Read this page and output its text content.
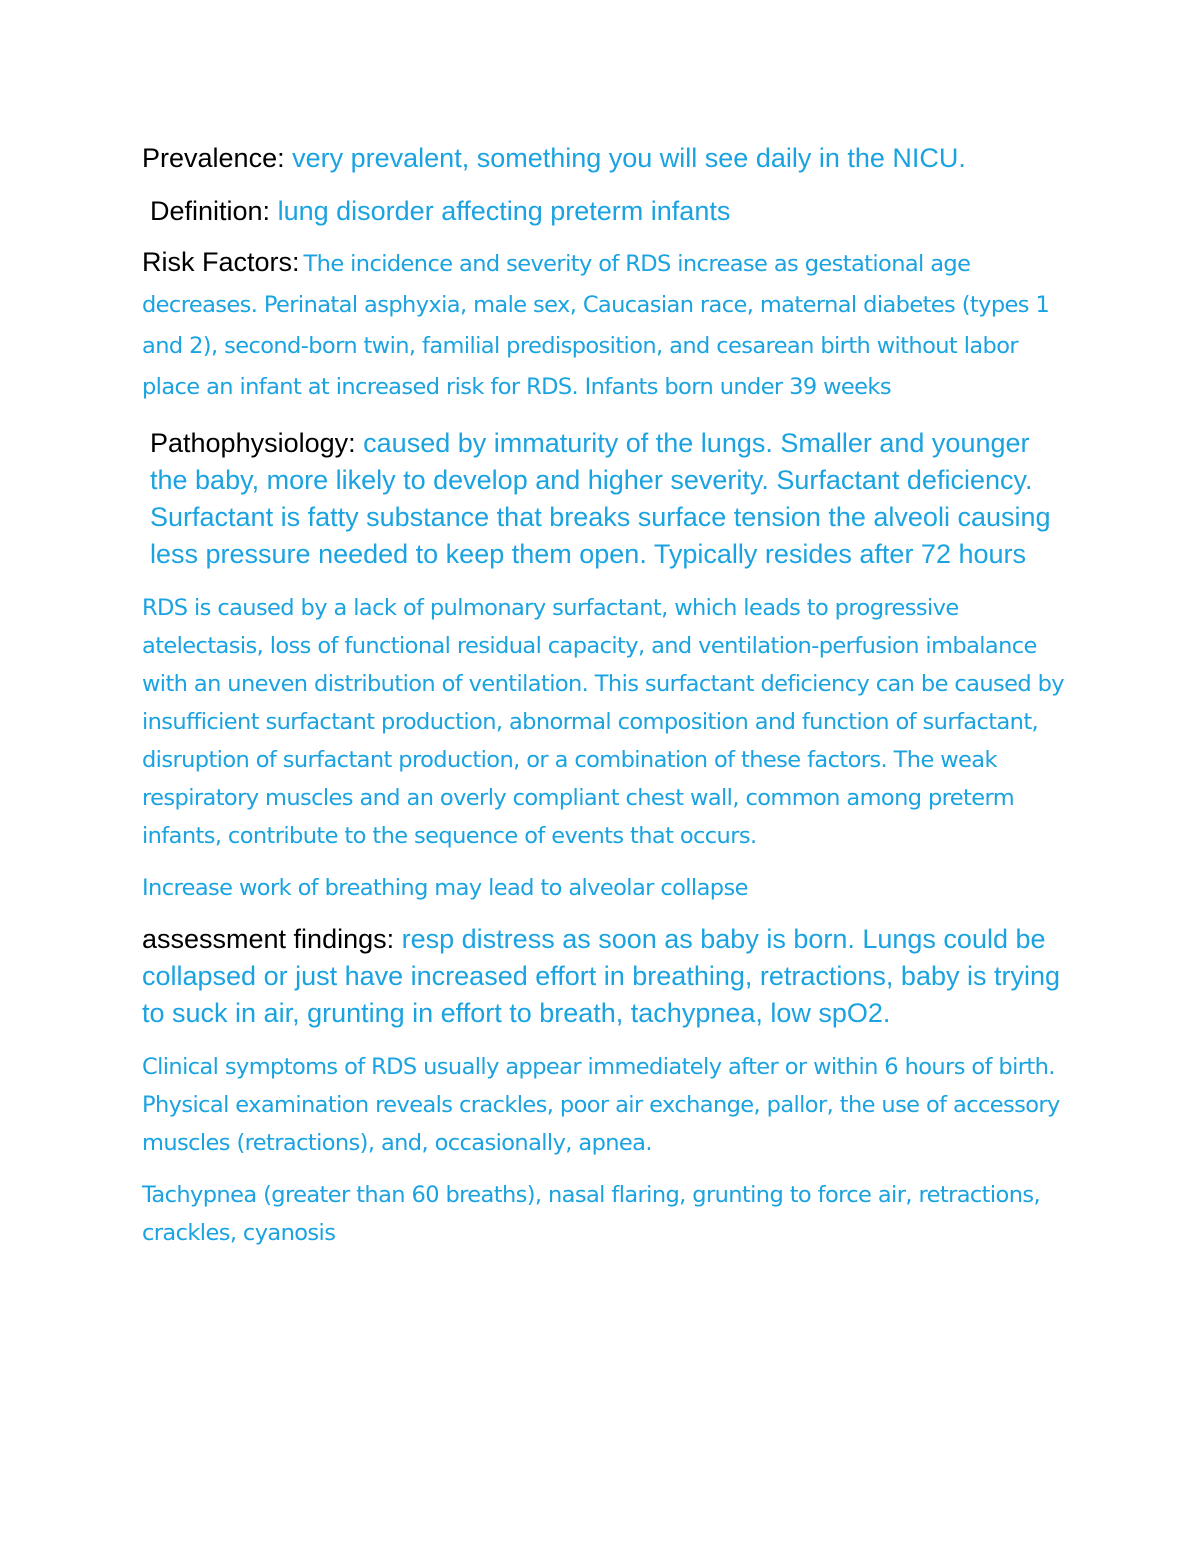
Prevalence: very prevalent, something you will see daily in the NICU.

Definition: lung disorder affecting preterm infants

Risk Factors: The incidence and severity of RDS increase as gestational age decreases. Perinatal asphyxia, male sex, Caucasian race, maternal diabetes (types 1 and 2), second-born twin, familial predisposition, and cesarean birth without labor place an infant at increased risk for RDS. Infants born under 39 weeks

Pathophysiology: caused by immaturity of the lungs. Smaller and younger the baby, more likely to develop and higher severity. Surfactant deficiency. Surfactant is fatty substance that breaks surface tension the alveoli causing less pressure needed to keep them open. Typically resides after 72 hours

RDS is caused by a lack of pulmonary surfactant, which leads to progressive atelectasis, loss of functional residual capacity, and ventilation-perfusion imbalance with an uneven distribution of ventilation. This surfactant deficiency can be caused by insufficient surfactant production, abnormal composition and function of surfactant, disruption of surfactant production, or a combination of these factors. The weak respiratory muscles and an overly compliant chest wall, common among preterm infants, contribute to the sequence of events that occurs.

Increase work of breathing may lead to alveolar collapse

assessment findings: resp distress as soon as baby is born. Lungs could be collapsed or just have increased effort in breathing, retractions, baby is trying to suck in air, grunting in effort to breath, tachypnea, low spO2.

Clinical symptoms of RDS usually appear immediately after or within 6 hours of birth. Physical examination reveals crackles, poor air exchange, pallor, the use of accessory muscles (retractions), and, occasionally, apnea.

Tachypnea (greater than 60 breaths), nasal flaring, grunting to force air, retractions, crackles, cyanosis
